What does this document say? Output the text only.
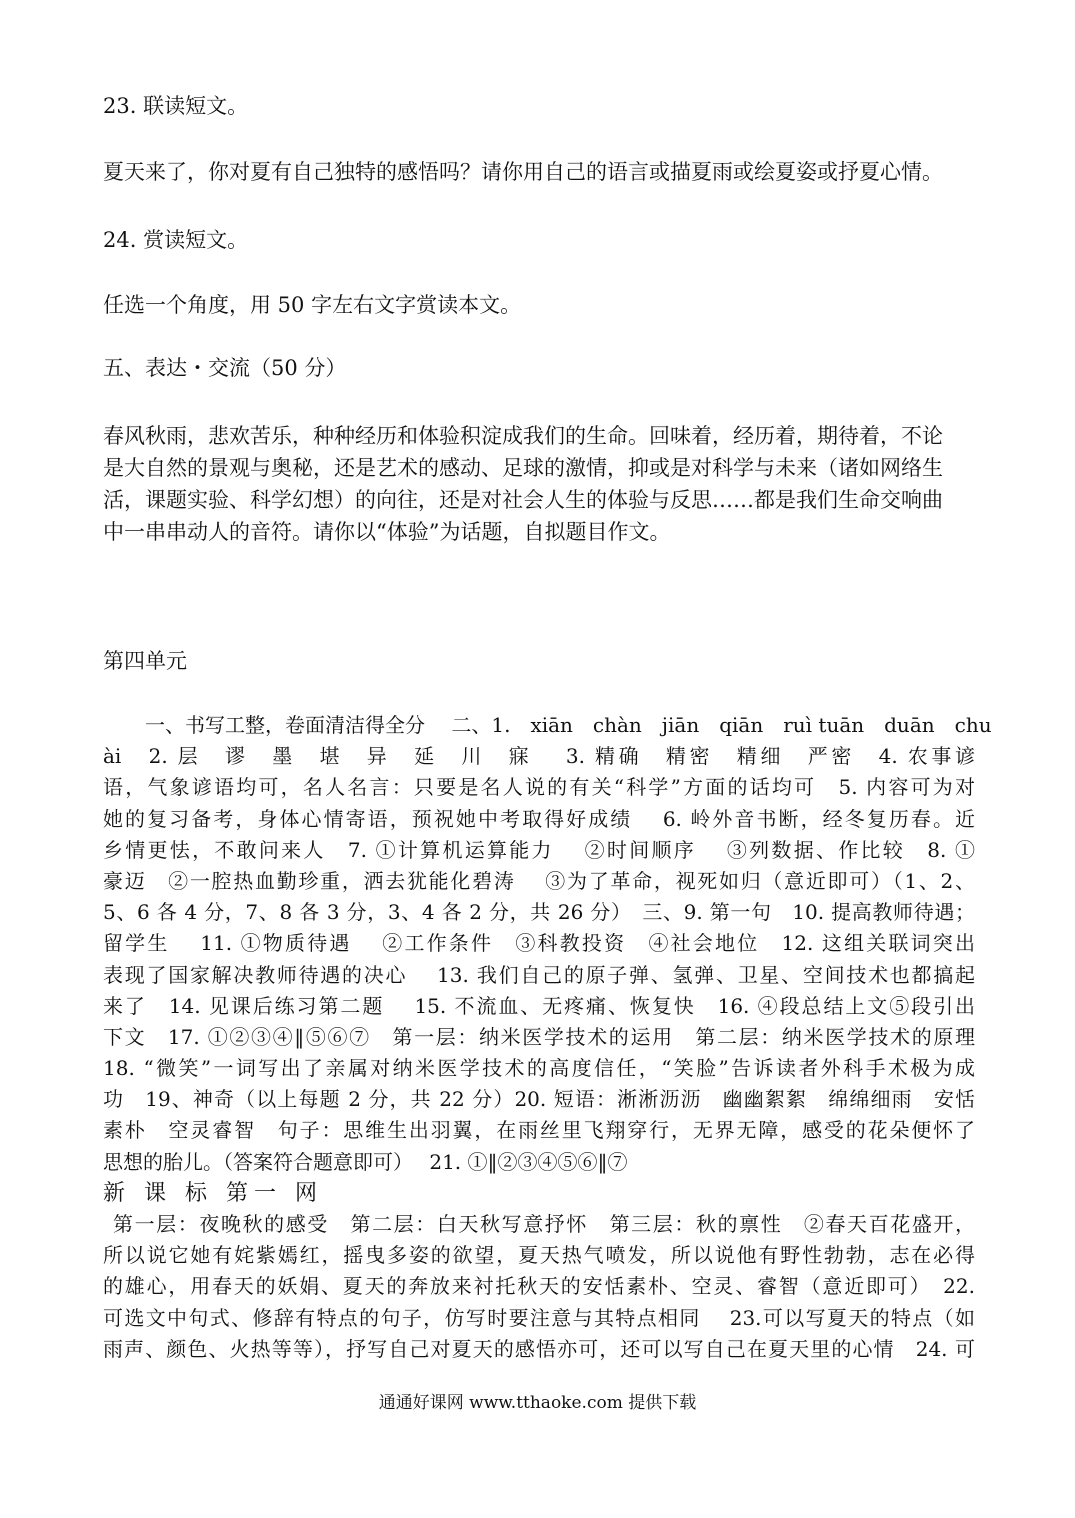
23. 联读短文。
夏天来了，你对夏有自己独特的感悟吗？请你用自己的语言或描夏雨或绘夏姿或抒夏心情。
24. 赏读短文。
任选一个角度，用 50 字左右文字赏读本文。
五、表达・交流（50 分）
春风秋雨，悲欢苦乐，种种经历和体验积淀成我们的生命。回味着，经历着，期待着，不论
是大自然的景观与奥秘，还是艺术的感动、足球的激情，抑或是对科学与未来（诸如网络生
活，课题实验、科学幻想）的向往，还是对社会人生的体验与反思……都是我们生命交响曲
中一串串动人的音符。请你以“体验”为话题，自拟题目作文。
第四单元
一、书写工整，卷面清洁得全分　 二、1.　xiān　chàn　jiān　qiān　ruì tuān　duān　chu
ài　2. 层　谬　墨　堪　异　延　川　寐　 3. 精确　精密　精细　严密　4. 农事谚
语，气象谚语均可，名人名言：只要是名人说的有关“科学”方面的话均可　5. 内容可为对
她的复习备考，身体心情寄语，预祝她中考取得好成绩　 6. 岭外音书断，经冬复历春。近
乡情更怯，不敢问来人　7. ①计算机运算能力　 ②时间顺序　 ③列数据、作比较　8. ①
豪迈　②一腔热血勤珍重，洒去犹能化碧涛　 ③为了革命，视死如归（意近即可）（1、2、
5、6 各 4 分，7、8 各 3 分，3、4 各 2 分，共 26 分）　三、9. 第一句　10. 提高教师待遇；
留学生　 11. ①物质待遇　 ②工作条件　③科教投资　④社会地位　12. 这组关联词突出
表现了国家解决教师待遇的决心　 13. 我们自己的原子弹、氢弹、卫星、空间技术也都搞起
来了　14. 见课后练习第二题　 15. 不流血、无疼痛、恢复快　16. ④段总结上文⑤段引出
下文　17. ①②③④‖⑤⑥⑦　第一层：纳米医学技术的运用　第二层：纳米医学技术的原理
18. “微笑”一词写出了亲属对纳米医学技术的高度信任，“笑脸”告诉读者外科手术极为成
功　19、神奇（以上每题 2 分，共 22 分）20. 短语：淅淅沥沥　幽幽絮絮　绵绵细雨　安恬
素朴　空灵睿智　句子：思维生出羽翼，在雨丝里飞翔穿行，无界无障，感受的花朵便怀了
思想的胎儿。（答案符合题意即可）　 21. ①‖②③④⑤⑥‖⑦
新 课 标 第一 网
第一层：夜晚秋的感受　第二层：白天秋写意抒怀　第三层：秋的禀性　②春天百花盛开，
所以说它她有姹紫嫣红，摇曳多姿的欲望，夏天热气喷发，所以说他有野性勃勃，志在必得
的雄心，用春天的妖娟、夏天的奔放来衬托秋天的安恬素朴、空灵、睿智（意近即可）　22.
可选文中句式、修辞有特点的句子，仿写时要注意与其特点相同　 23.可以写夏天的特点（如
雨声、颜色、火热等等），抒写自己对夏天的感悟亦可，还可以写自己在夏天里的心情　24. 可
通通好课网 www.tthaoke.com 提供下载
